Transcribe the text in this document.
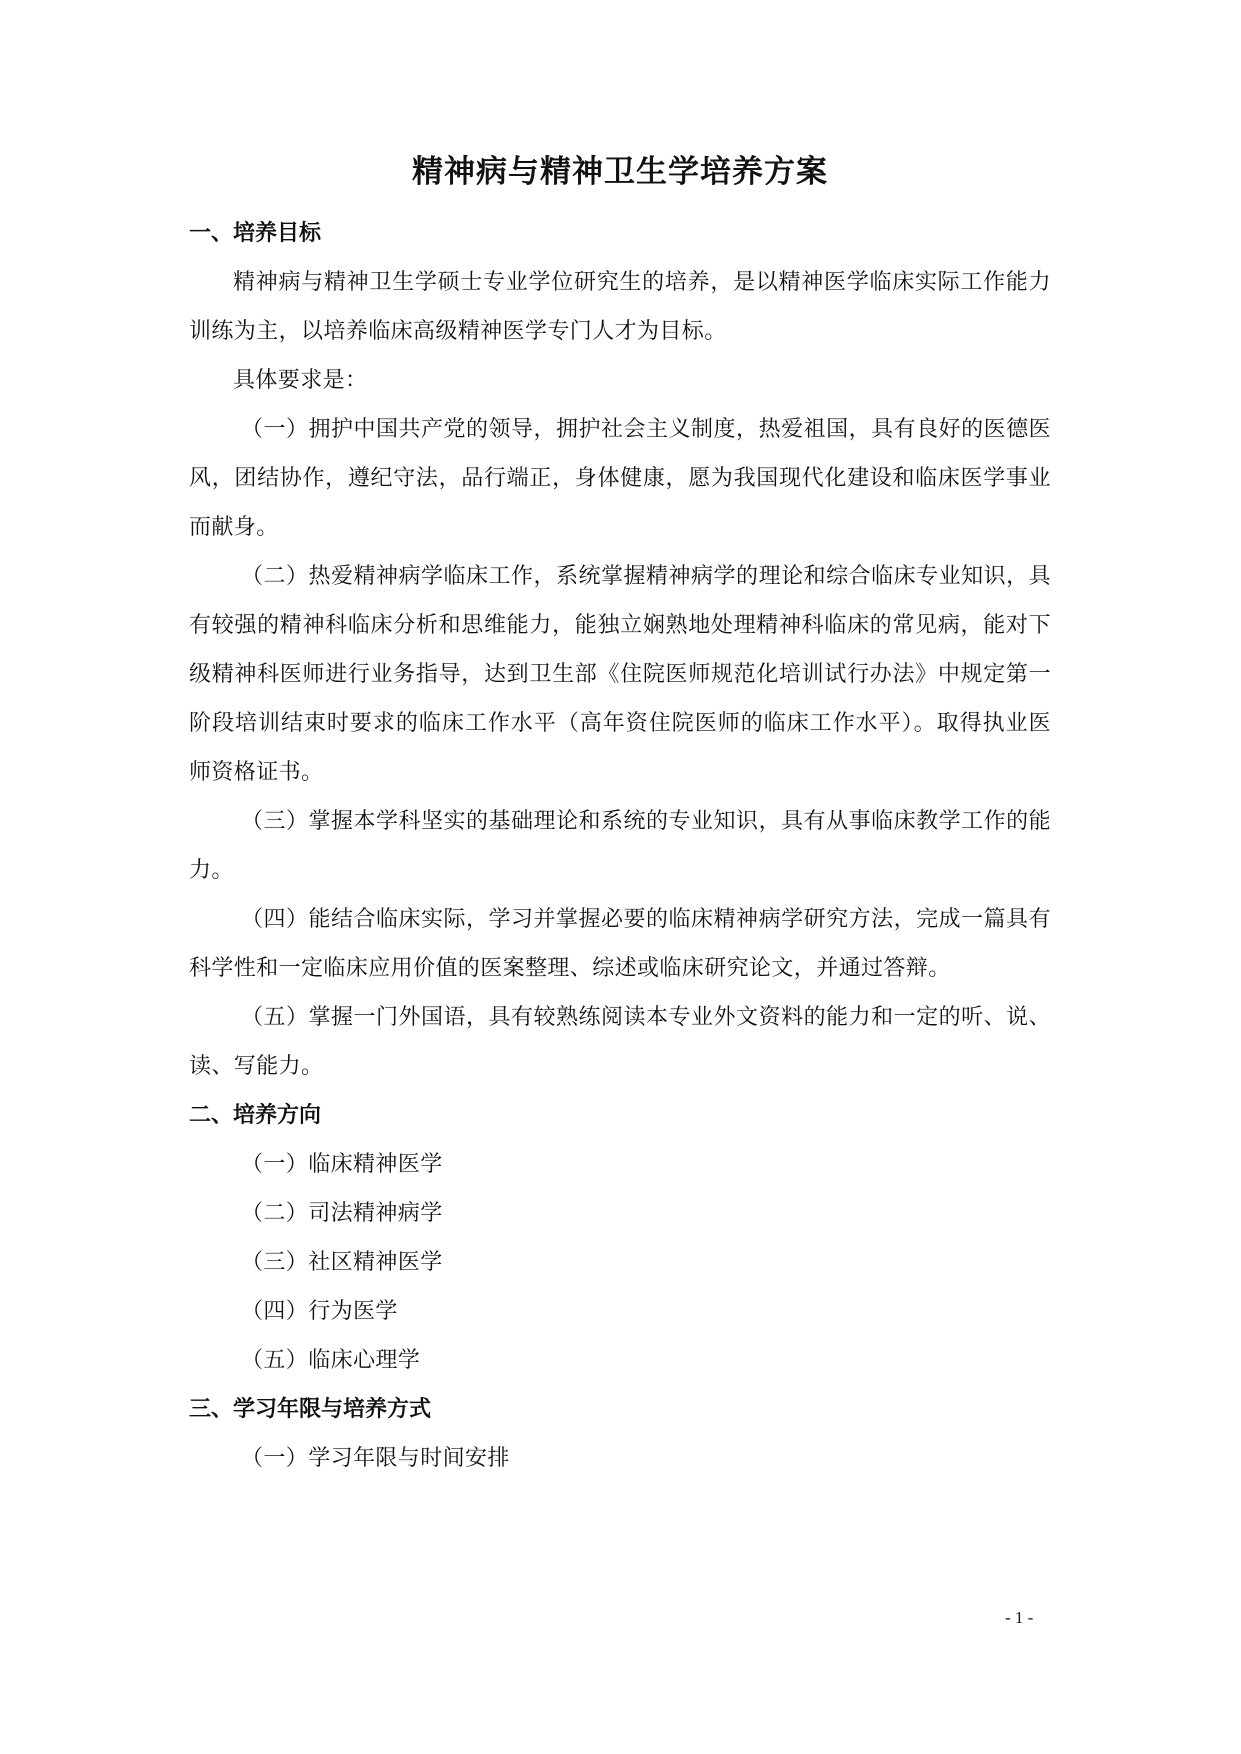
精神病与精神卫生学培养方案

一、培养目标

精神病与精神卫生学硕士专业学位研究生的培养，是以精神医学临床实际工作能力训练为主，以培养临床高级精神医学专门人才为目标。

具体要求是：

（一）拥护中国共产党的领导，拥护社会主义制度，热爱祖国，具有良好的医德医风，团结协作，遵纪守法，品行端正，身体健康，愿为我国现代化建设和临床医学事业而献身。

（二）热爱精神病学临床工作，系统掌握精神病学的理论和综合临床专业知识，具有较强的精神科临床分析和思维能力，能独立娴熟地处理精神科临床的常见病，能对下级精神科医师进行业务指导，达到卫生部《住院医师规范化培训试行办法》中规定第一阶段培训结束时要求的临床工作水平（高年资住院医师的临床工作水平）。取得执业医师资格证书。

（三）掌握本学科坚实的基础理论和系统的专业知识，具有从事临床教学工作的能力。

（四）能结合临床实际，学习并掌握必要的临床精神病学研究方法，完成一篇具有科学性和一定临床应用价值的医案整理、综述或临床研究论文，并通过答辩。

（五）掌握一门外国语，具有较熟练阅读本专业外文资料的能力和一定的听、说、读、写能力。

二、培养方向

（一）临床精神医学

（二）司法精神病学

（三）社区精神医学

（四）行为医学

（五）临床心理学

三、学习年限与培养方式

（一）学习年限与时间安排

- 1 -
